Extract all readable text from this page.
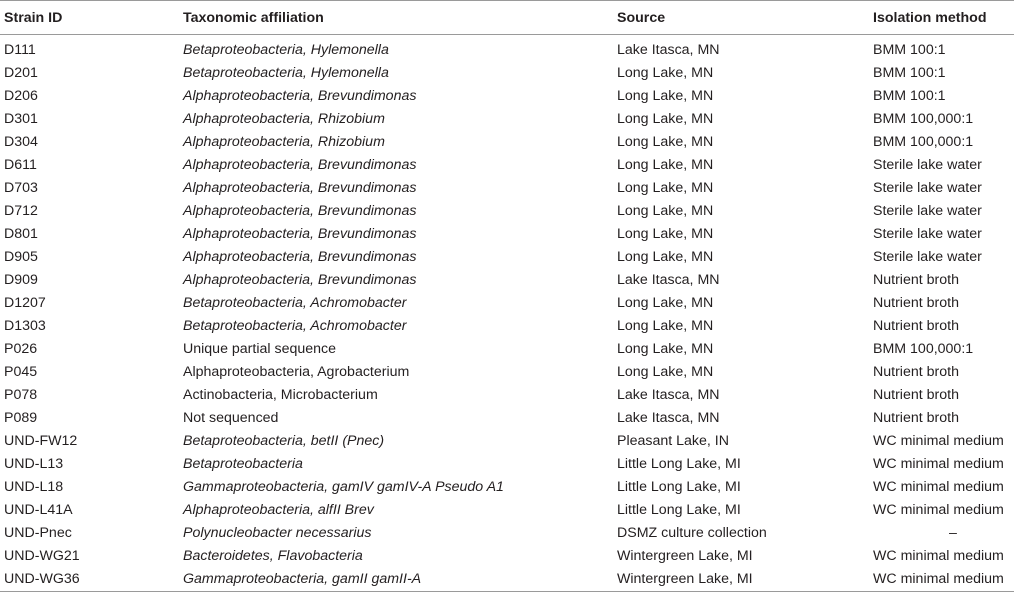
Strain ID	Taxonomic affiliation	Source	Isolation method
D111	Betaproteobacteria, Hylemonella	Lake Itasca, MN	BMM 100:1
D201	Betaproteobacteria, Hylemonella	Long Lake, MN	BMM 100:1
D206	Alphaproteobacteria, Brevundimonas	Long Lake, MN	BMM 100:1
D301	Alphaproteobacteria, Rhizobium	Long Lake, MN	BMM 100,000:1
D304	Alphaproteobacteria, Rhizobium	Long Lake, MN	BMM 100,000:1
D611	Alphaproteobacteria, Brevundimonas	Long Lake, MN	Sterile lake water
D703	Alphaproteobacteria, Brevundimonas	Long Lake, MN	Sterile lake water
D712	Alphaproteobacteria, Brevundimonas	Long Lake, MN	Sterile lake water
D801	Alphaproteobacteria, Brevundimonas	Long Lake, MN	Sterile lake water
D905	Alphaproteobacteria, Brevundimonas	Long Lake, MN	Sterile lake water
D909	Alphaproteobacteria, Brevundimonas	Lake Itasca, MN	Nutrient broth
D1207	Betaproteobacteria, Achromobacter	Long Lake, MN	Nutrient broth
D1303	Betaproteobacteria, Achromobacter	Long Lake, MN	Nutrient broth
P026	Unique partial sequence	Long Lake, MN	BMM 100,000:1
P045	Alphaproteobacteria, Agrobacterium	Long Lake, MN	Nutrient broth
P078	Actinobacteria, Microbacterium	Lake Itasca, MN	Nutrient broth
P089	Not sequenced	Lake Itasca, MN	Nutrient broth
UND-FW12	Betaproteobacteria, betII (Pnec)	Pleasant Lake, IN	WC minimal medium
UND-L13	Betaproteobacteria	Little Long Lake, MI	WC minimal medium
UND-L18	Gammaproteobacteria, gamIV gamIV-A Pseudo A1	Little Long Lake, MI	WC minimal medium
UND-L41A	Alphaproteobacteria, alfII Brev	Little Long Lake, MI	WC minimal medium
UND-Pnec	Polynucleobacter necessarius	DSMZ culture collection	–
UND-WG21	Bacteroidetes, Flavobacteria	Wintergreen Lake, MI	WC minimal medium
UND-WG36	Gammaproteobacteria, gamII gamII-A	Wintergreen Lake, MI	WC minimal medium
